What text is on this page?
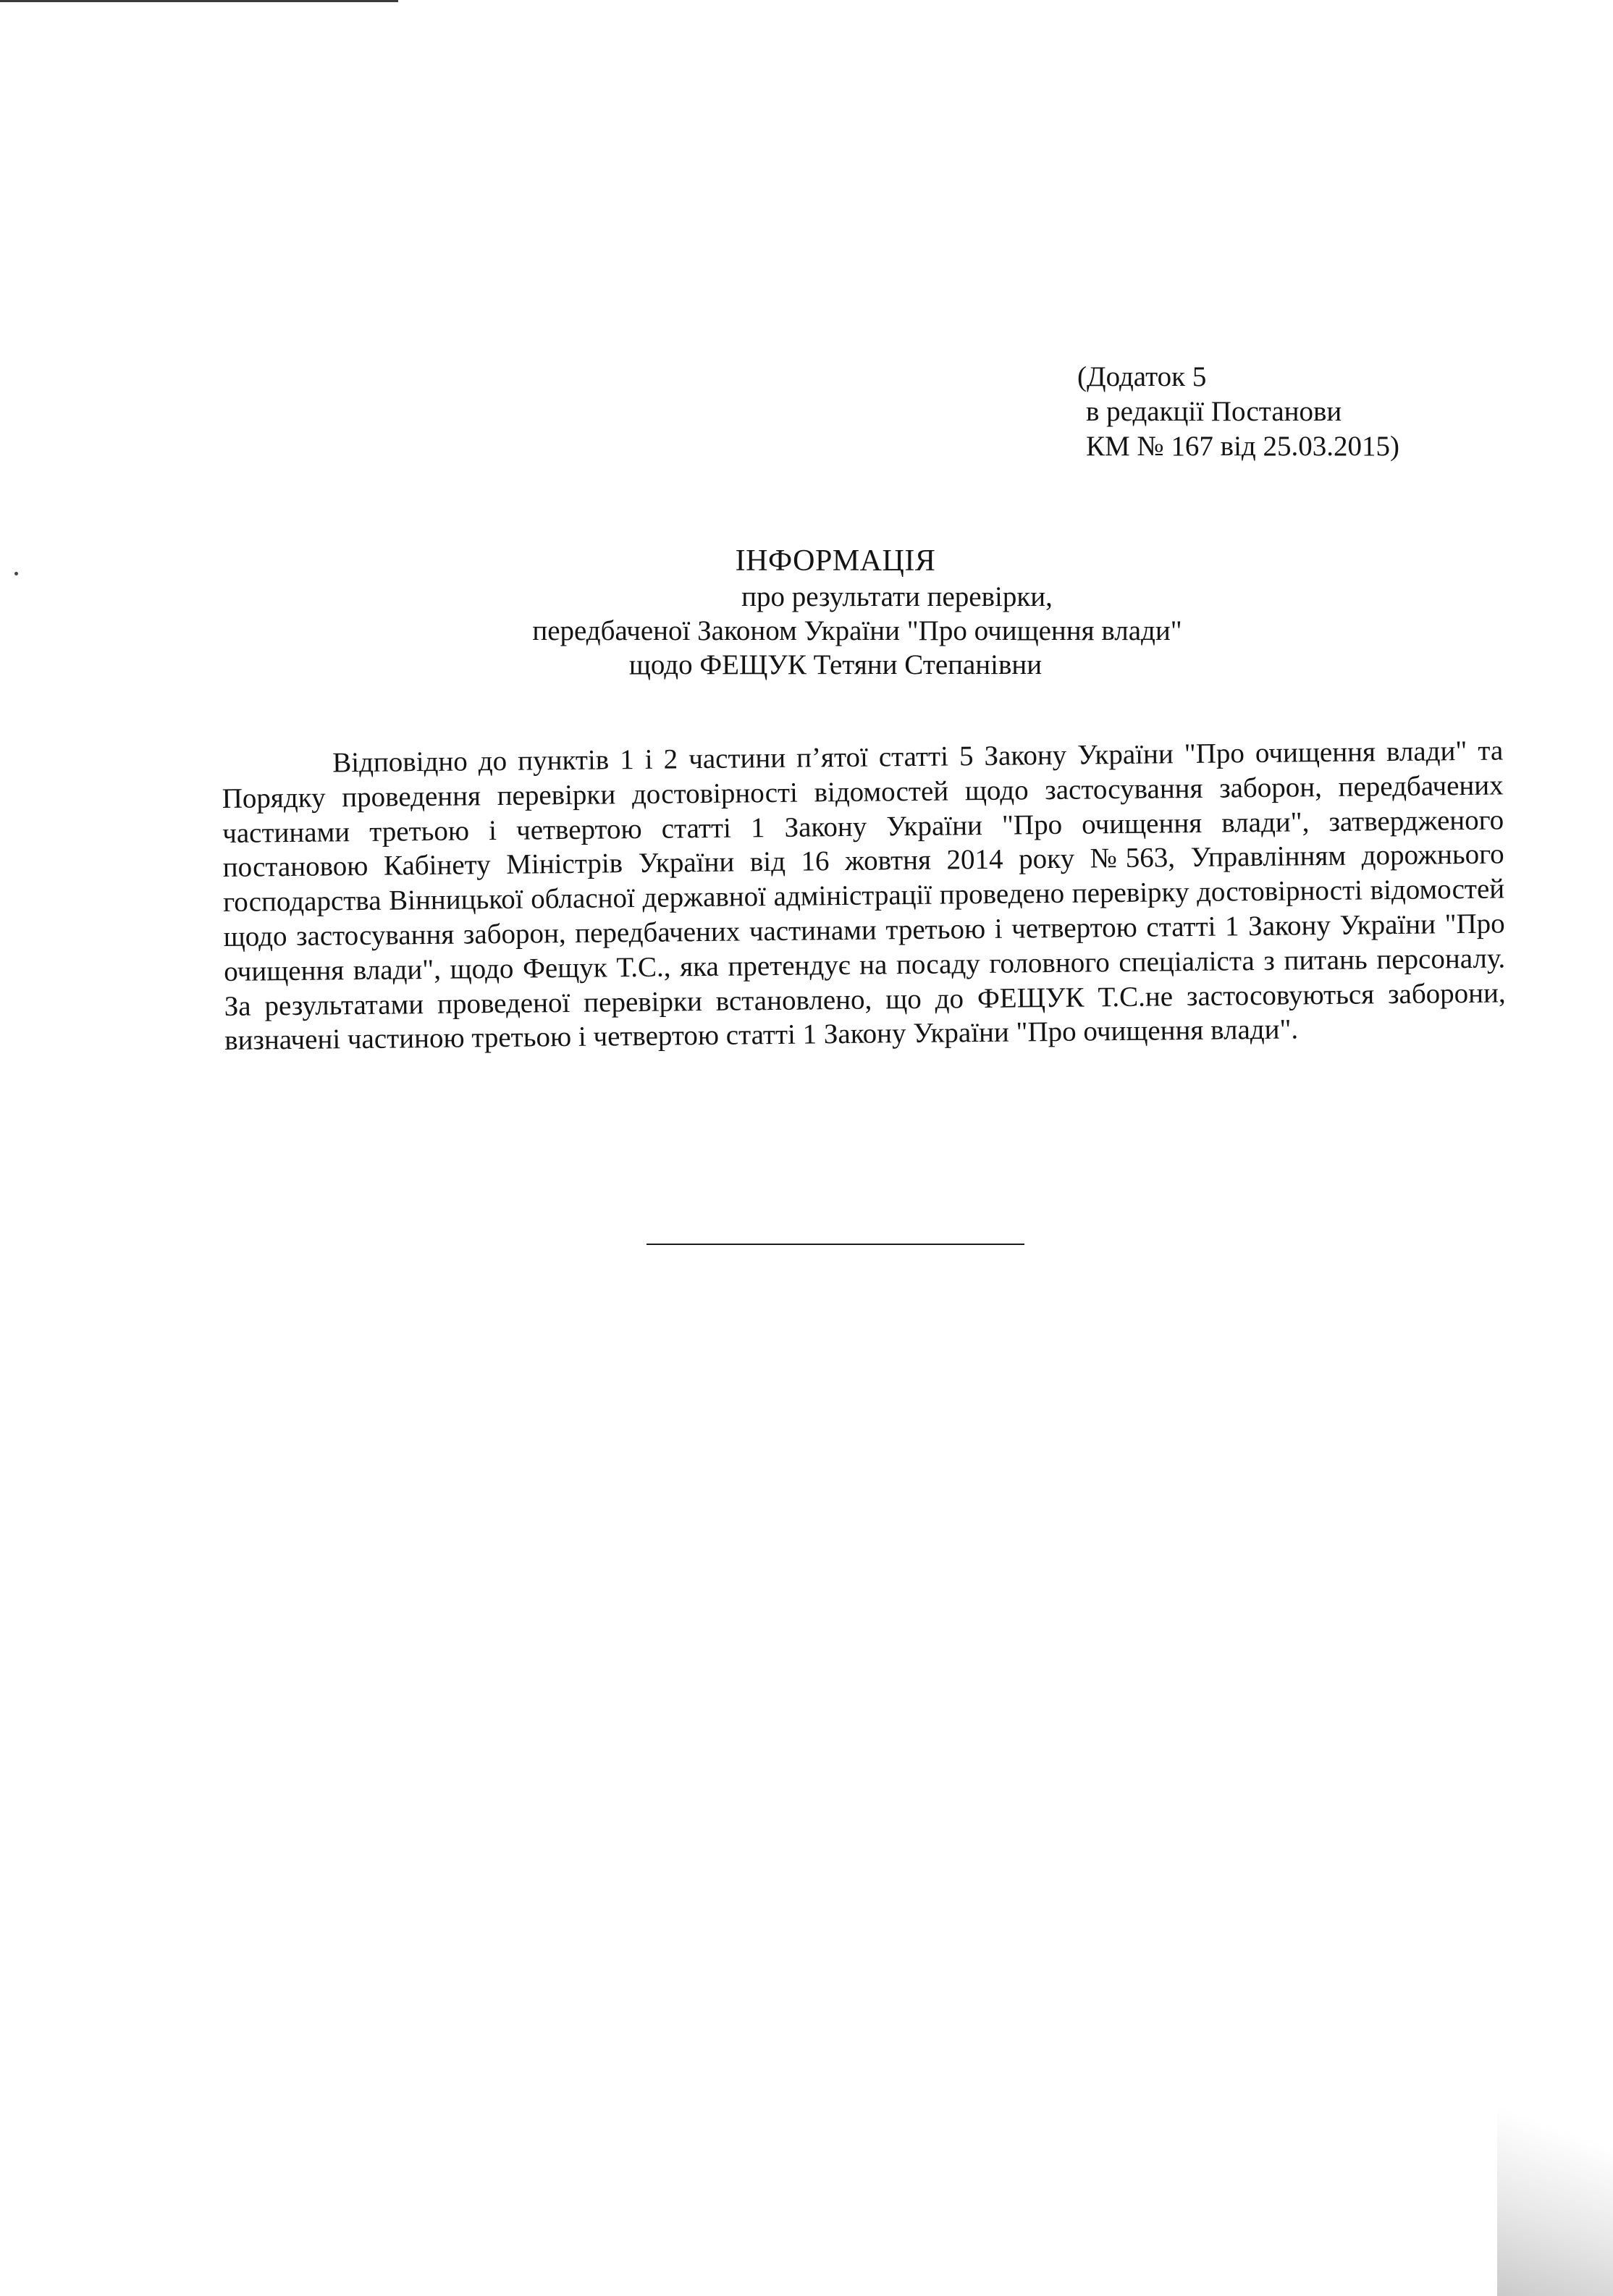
(Додаток 5
в редакції Постанови
КМ № 167 від 25.03.2015)
ІНФОРМАЦІЯ
про результати перевірки,
передбаченої Законом України "Про очищення влади"
щодо ФЕЩУК Тетяни Степанівни

Відповідно до пунктів 1 і 2 частини п’ятої статті 5 Закону України "Про очищення влади" та Порядку проведення перевірки достовірності відомостей щодо застосування заборон, передбачених частинами третьою і четвертою статті 1 Закону України "Про очищення влади", затвердженого постановою Кабінету Міністрів України від 16 жовтня 2014 року №563, Управлінням дорожнього господарства Вінницької обласної державної адміністрації проведено перевірку достовірності відомостей щодо застосування заборон, передбачених частинами третьою і четвертою статті 1 Закону України "Про очищення влади", щодо Фещук Т.С., яка претендує на посаду головного спеціаліста з питань персоналу. За результатами проведеної перевірки встановлено, що до ФЕЩУК Т.С.не застосовуються заборони, визначені частиною третьою і четвертою статті 1 Закону України "Про очищення влади".
